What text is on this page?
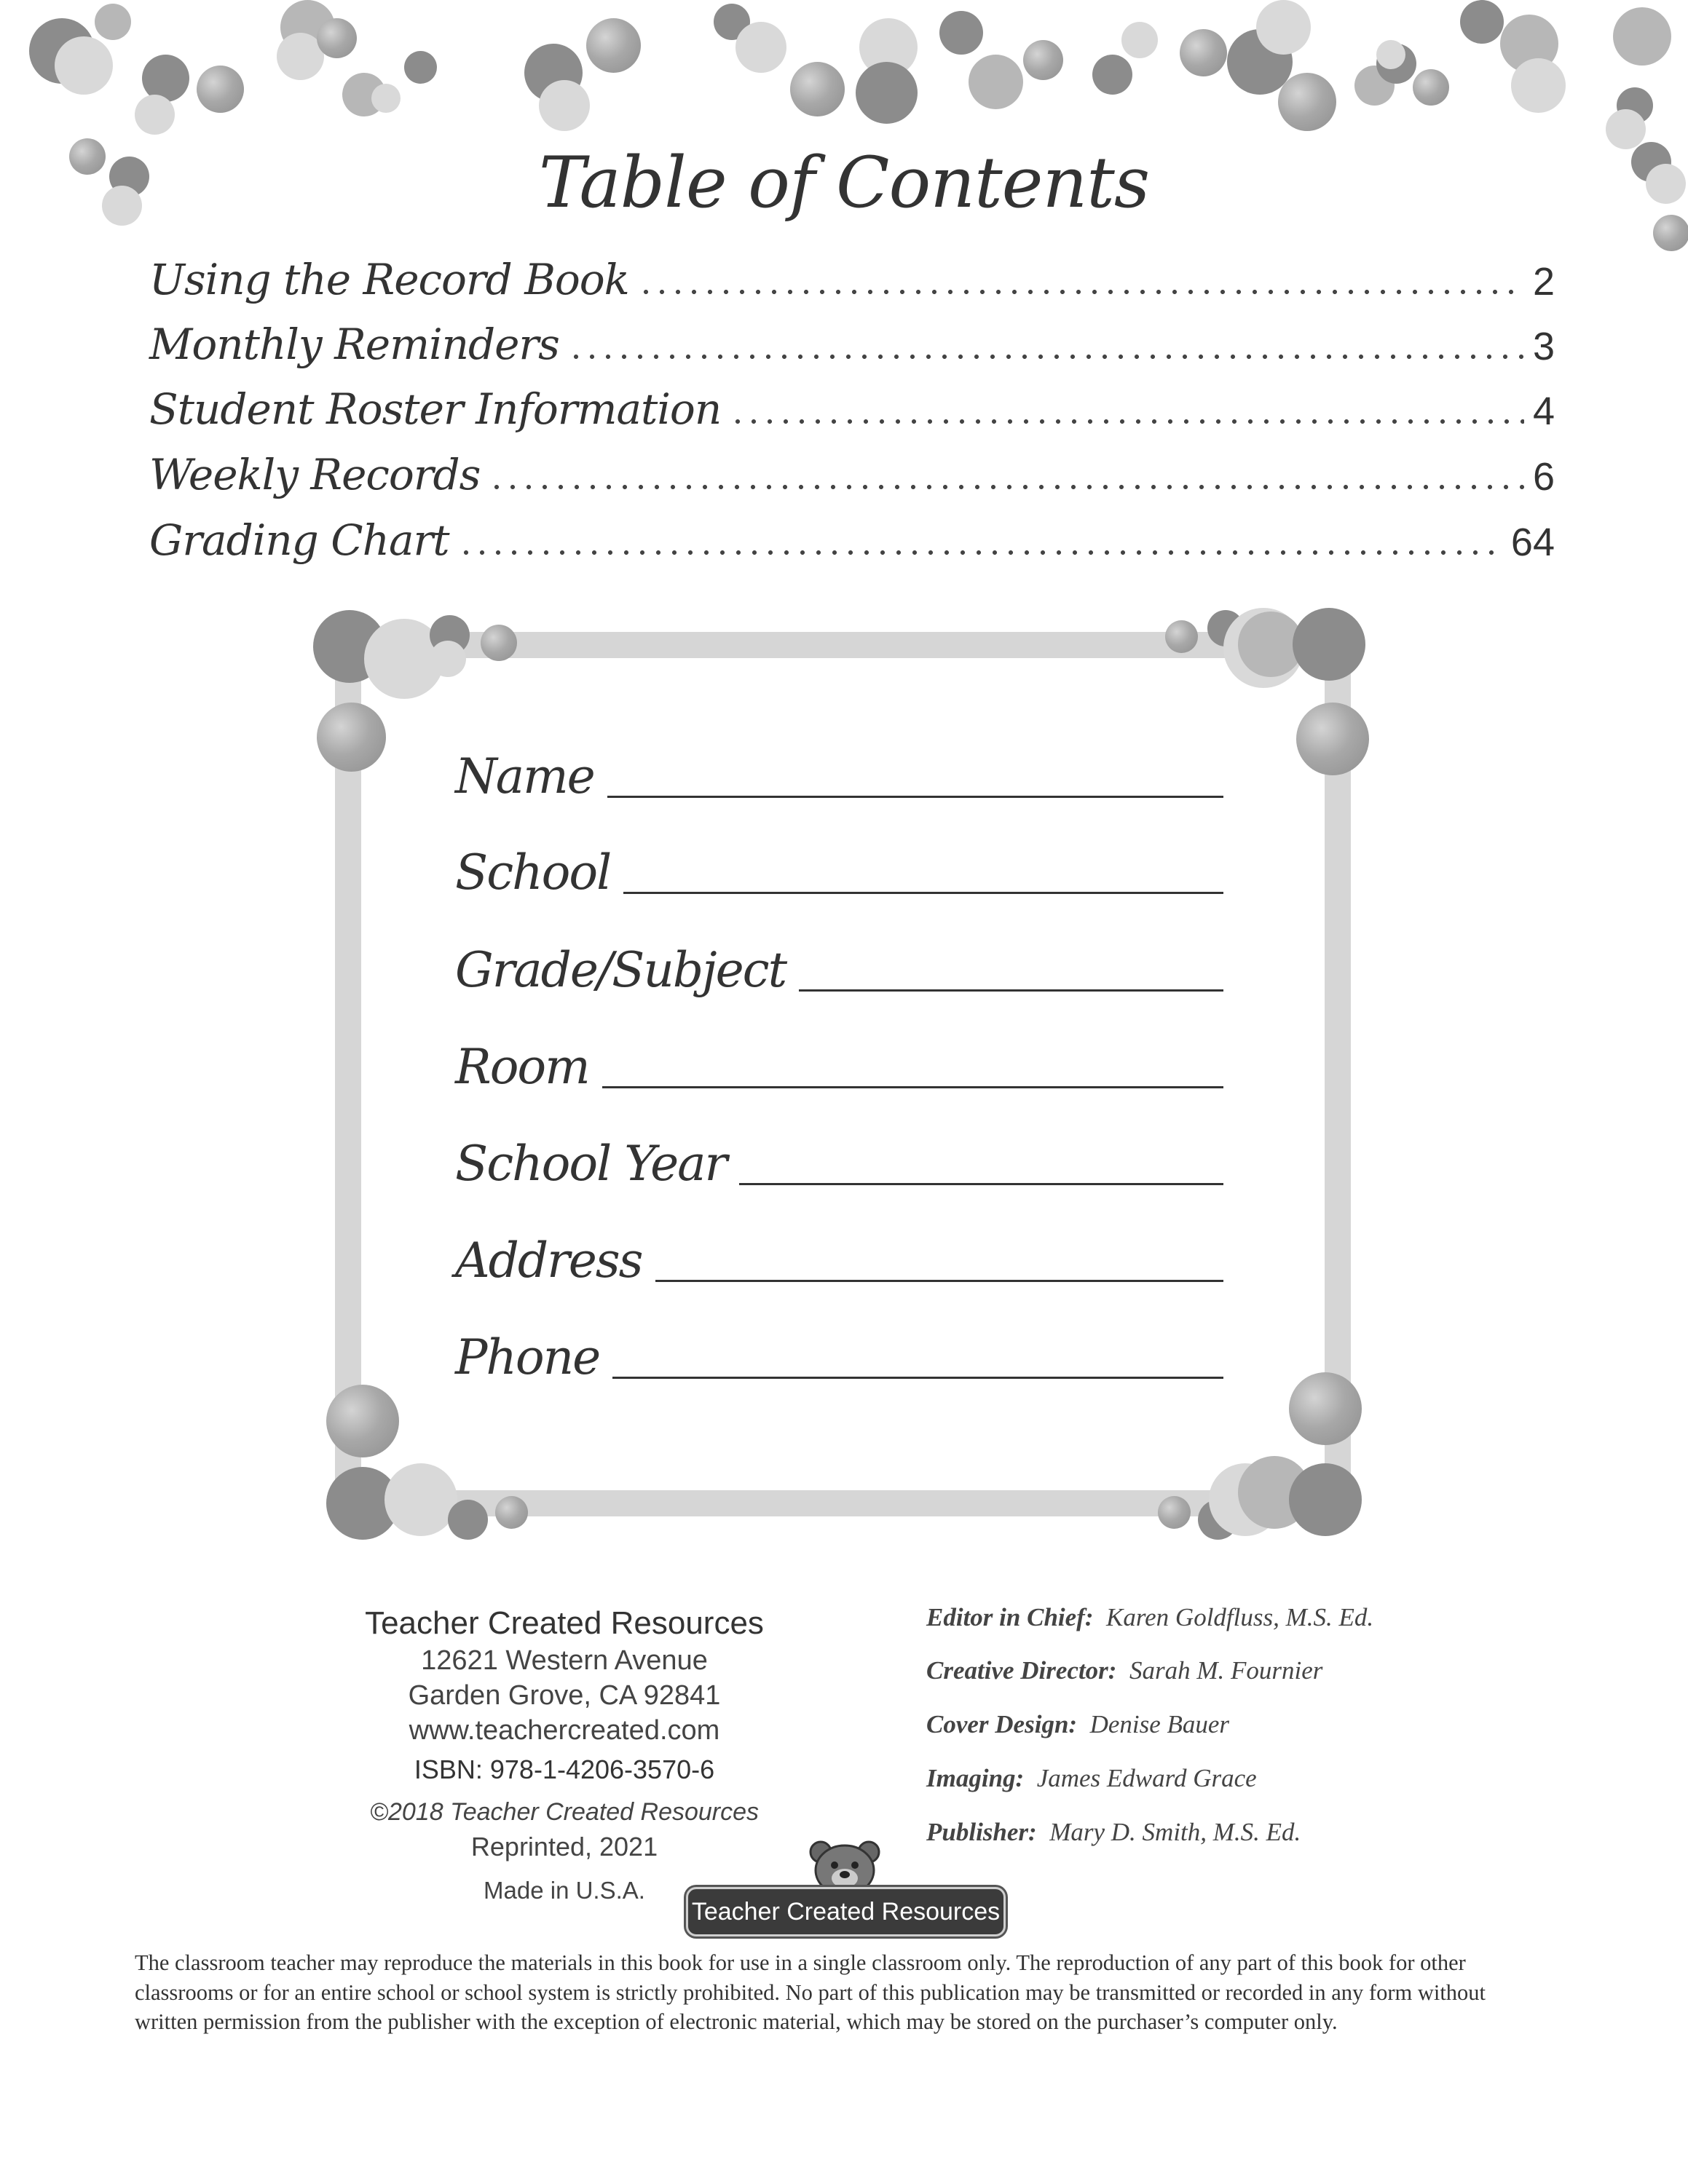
Table of Contents
Using the Record Book	2
Monthly Reminders	3
Student Roster Information	4
Weekly Records	6
Grading Chart	64
Name
School
Grade/Subject
Room
School Year
Address
Phone
Teacher Created Resources
12621 Western Avenue
Garden Grove, CA 92841
www.teachercreated.com
ISBN: 978-1-4206-3570-6
©2018 Teacher Created Resources
Reprinted, 2021
Made in U.S.A.
Editor in Chief: Karen Goldfluss, M.S. Ed.
Creative Director: Sarah M. Fournier
Cover Design: Denise Bauer
Imaging: James Edward Grace
Publisher: Mary D. Smith, M.S. Ed.
Teacher Created Resources
The classroom teacher may reproduce the materials in this book for use in a single classroom only. The reproduction of any part of this book for other classrooms or for an entire school or school system is strictly prohibited. No part of this publication may be transmitted or recorded in any form without written permission from the publisher with the exception of electronic material, which may be stored on the purchaser’s computer only.
